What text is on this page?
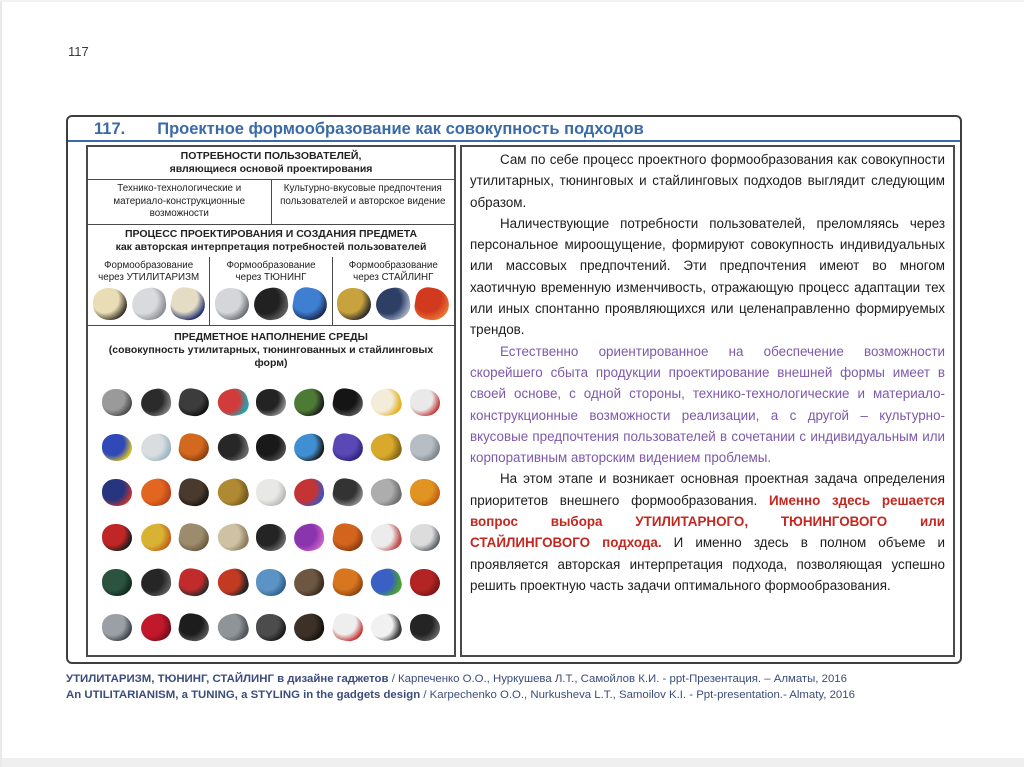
117
117. Проектное формообразование как совокупность подходов
ПОТРЕБНОСТИ ПОЛЬЗОВАТЕЛЕЙ,
являющиеся основой проектирования
Технико-технологические и материало-конструкционные возможности
Культурно-вкусовые предпочтения пользователей и авторское видение
ПРОЦЕСС ПРОЕКТИРОВАНИЯ И СОЗДАНИЯ ПРЕДМЕТА
как авторская интерпретация потребностей пользователей
Формообразование
через УТИЛИТАРИЗМ
Формообразование
через ТЮНИНГ
Формообразование
через СТАЙЛИНГ
ПРЕДМЕТНОЕ НАПОЛНЕНИЕ СРЕДЫ
(совокупность утилитарных, тюнингованных и стайлинговых форм)

Сам по себе процесс проектного формообразования как совокупности утилитарных, тюнинговых и стайлинговых подходов выглядит следующим образом.

Наличествующие потребности пользователей, преломляясь через персональное мироощущение, формируют совокупность индивидуальных или массовых предпочтений. Эти предпочтения имеют во многом хаотичную временную изменчивость, отражающую процесс адаптации тех или иных спонтанно проявляющихся или целенаправленно формируемых трендов.

Естественно ориентированное на обеспечение возможности скорейшего сбыта продукции проектирование внешней формы имеет в своей основе, с одной стороны, технико-технологические и материало-конструкционные возможности реализации, а с другой – культурно-вкусовые предпочтения пользователей в сочетании с индивидуальным или корпоративным авторским видением проблемы.

На этом этапе и возникает основная проектная задача определения приоритетов внешнего формообразования. Именно здесь решается вопрос выбора УТИЛИТАРНОГО, ТЮНИНГОВОГО или СТАЙЛИНГОВОГО подхода. И именно здесь в полном объеме и проявляется авторская интерпретация подхода, позволяющая успешно решить проектную часть задачи оптимального формообразования.

УТИЛИТАРИЗМ, ТЮНИНГ, СТАЙЛИНГ в дизайне гаджетов / Карпеченко О.О., Нуркушева Л.Т., Самойлов К.И. - ppt-Презентация. – Алматы, 2016
An UTILITARIANISM, a TUNING, a STYLING in the gadgets design / Karpechenko O.O., Nurkusheva L.T., Samoilov K.I. - Ppt-presentation.- Almaty, 2016
